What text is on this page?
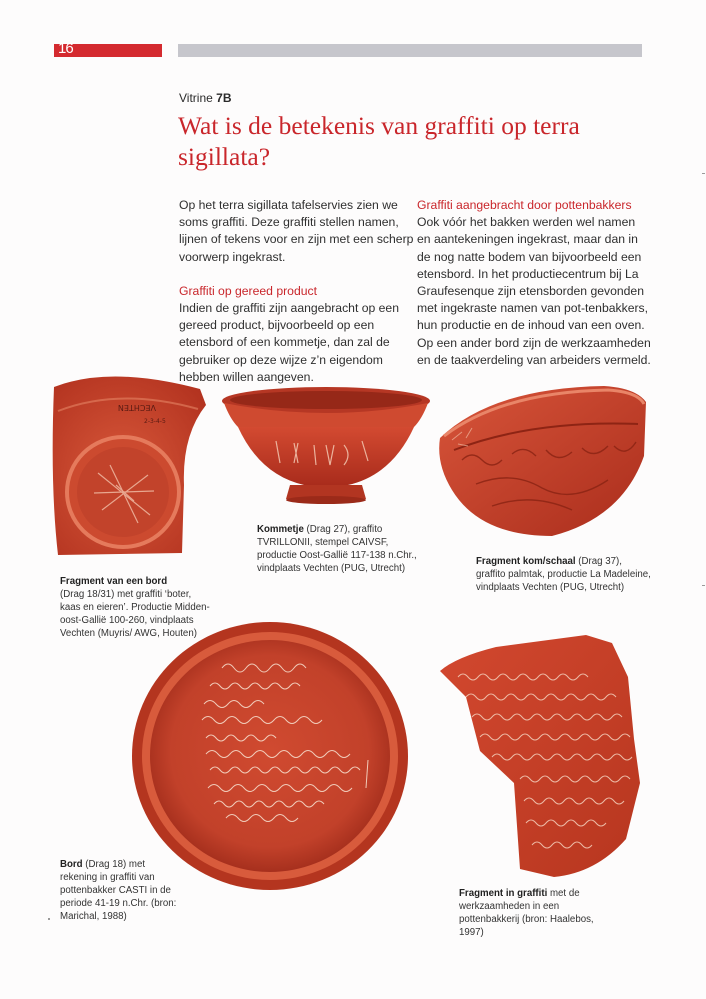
16
Vitrine 7B
Wat is de betekenis van graffiti op terra sigillata?
Op het terra sigillata tafelservies zien we soms graffiti. Deze graffiti stellen namen, lijnen of tekens voor en zijn met een scherp voorwerp ingekrast.
Graffiti op gereed product
Indien de graffiti zijn aangebracht op een gereed product, bijvoorbeeld op een etensbord of een kommetje, dan zal de gebruiker op deze wijze z’n eigendom hebben willen aangeven.
Graffiti aangebracht door pottenbakkers
Ook vóór het bakken werden wel namen en aantekeningen ingekrast, maar dan in de nog natte bodem van bijvoorbeeld een etensbord. In het productiecentrum bij La Graufesenque zijn etensborden gevonden met ingekraste namen van pot-tenbakkers, hun productie en de inhoud van een oven. Op een ander bord zijn de werkzaamheden en de taakverdeling van arbeiders vermeld.
VECHTEN
2-3-4-5
Fragment van een bord
(Drag 18/31) met graffiti ‘boter, kaas en eieren’. Productie Midden-oost-Gallië 100-260, vindplaats Vechten (Muyris/ AWG, Houten)
Kommetje (Drag 27), graffito TVRILLONII, stempel CAIVSF, productie Oost-Gallië 117-138 n.Chr., vindplaats Vechten (PUG, Utrecht)
Fragment kom/schaal (Drag 37), graffito palmtak, productie La Madeleine, vindplaats Vechten (PUG, Utrecht)
Bord (Drag 18) met rekening in graffiti van pottenbakker CASTI in de periode 41-19 n.Chr. (bron: Marichal, 1988)
Fragment in graffiti met de werkzaamheden in een pottenbakkerij (bron: Haalebos, 1997)
